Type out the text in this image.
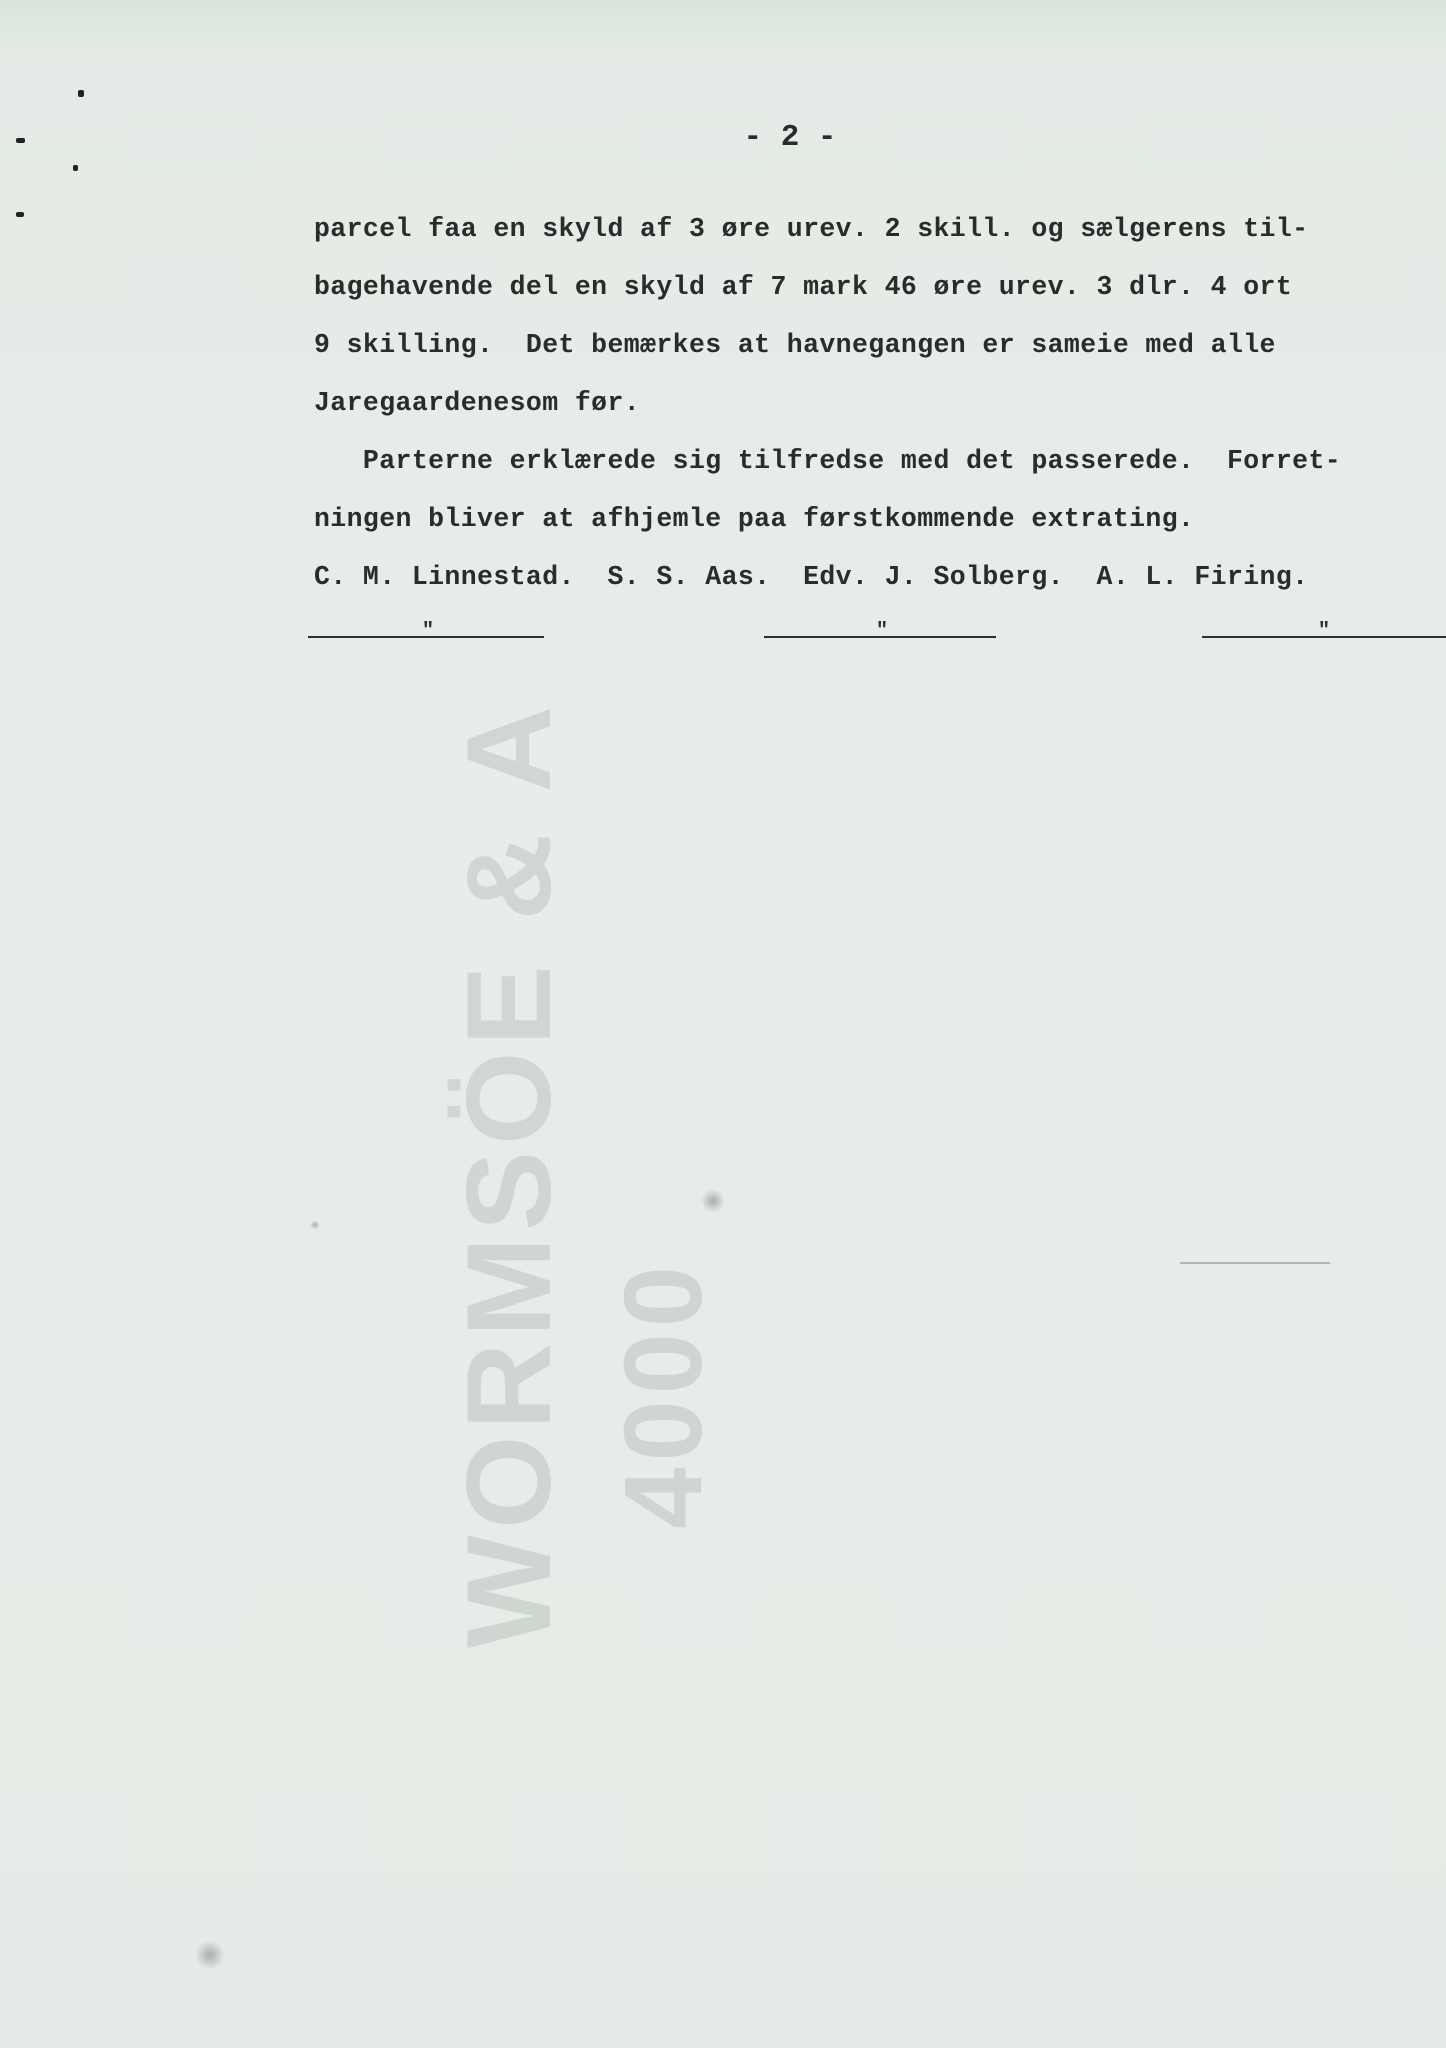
WORMSÖE & A 4000
- 2 -
parcel faa en skyld af 3 øre urev. 2 skill. og sælgerens til-
bagehavende del en skyld af 7 mark 46 øre urev. 3 dlr. 4 ort
9 skilling.  Det bemærkes at havnegangen er sameie med alle
Jaregaardenesom før.
Parterne erklærede sig tilfredse med det passerede.  Forret-
ningen bliver at afhjemle paa førstkommende extrating.
C. M. Linnestad.  S. S. Aas.  Edv. J. Solberg.  A. L. Firing.
"	"	"
